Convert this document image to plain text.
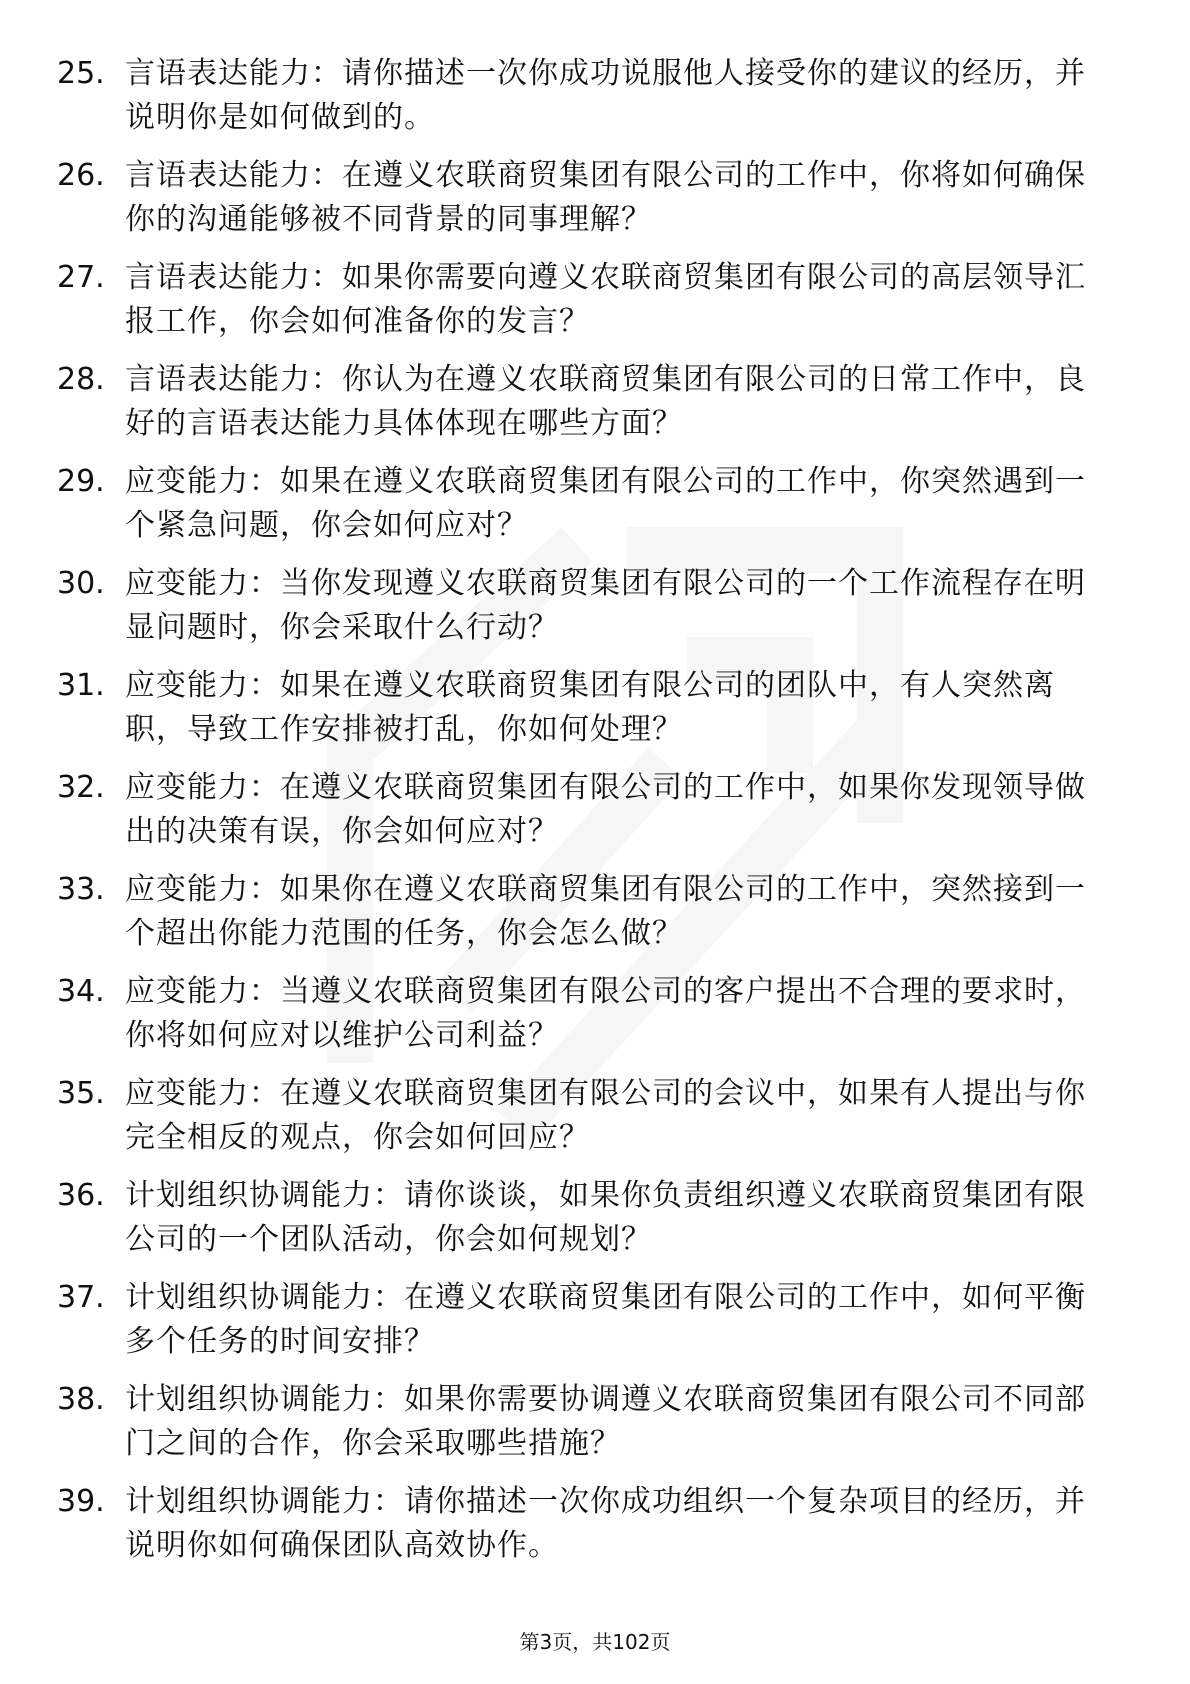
25. 言语表达能力：请你描述一次你成功说服他人接受你的建议的经历，并说明你是如何做到的。
26. 言语表达能力：在遵义农联商贸集团有限公司的工作中，你将如何确保你的沟通能够被不同背景的同事理解？
27. 言语表达能力：如果你需要向遵义农联商贸集团有限公司的高层领导汇报工作，你会如何准备你的发言？
28. 言语表达能力：你认为在遵义农联商贸集团有限公司的日常工作中，良好的言语表达能力具体体现在哪些方面？
29. 应变能力：如果在遵义农联商贸集团有限公司的工作中，你突然遇到一个紧急问题，你会如何应对？
30. 应变能力：当你发现遵义农联商贸集团有限公司的一个工作流程存在明显问题时，你会采取什么行动？
31. 应变能力：如果在遵义农联商贸集团有限公司的团队中，有人突然离职，导致工作安排被打乱，你如何处理？
32. 应变能力：在遵义农联商贸集团有限公司的工作中，如果你发现领导做出的决策有误，你会如何应对？
33. 应变能力：如果你在遵义农联商贸集团有限公司的工作中，突然接到一个超出你能力范围的任务，你会怎么做？
34. 应变能力：当遵义农联商贸集团有限公司的客户提出不合理的要求时，你将如何应对以维护公司利益？
35. 应变能力：在遵义农联商贸集团有限公司的会议中，如果有人提出与你完全相反的观点，你会如何回应？
36. 计划组织协调能力：请你谈谈，如果你负责组织遵义农联商贸集团有限公司的一个团队活动，你会如何规划？
37. 计划组织协调能力：在遵义农联商贸集团有限公司的工作中，如何平衡多个任务的时间安排？
38. 计划组织协调能力：如果你需要协调遵义农联商贸集团有限公司不同部门之间的合作，你会采取哪些措施？
39. 计划组织协调能力：请你描述一次你成功组织一个复杂项目的经历，并说明你如何确保团队高效协作。
第3页，共102页
